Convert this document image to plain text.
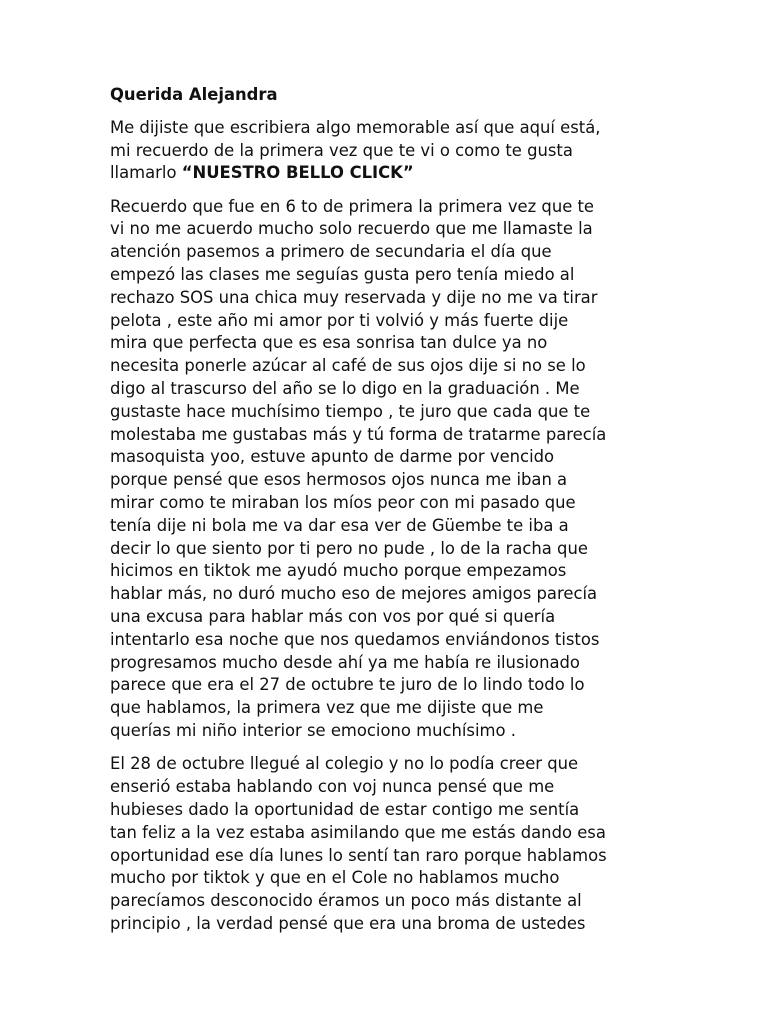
Querida Alejandra
Me dijiste que escribiera algo memorable así que aquí está,
mi recuerdo de la primera vez que te vi o como te gusta
llamarlo “NUESTRO BELLO CLICK”
Recuerdo que fue en 6 to de primera la primera vez que te
vi no me acuerdo mucho solo recuerdo que me llamaste la
atención pasemos a primero de secundaria el día que
empezó las clases me seguías gusta pero tenía miedo al
rechazo SOS una chica muy reservada y dije no me va tirar
pelota , este año mi amor por ti volvió y más fuerte dije
mira que perfecta que es esa sonrisa tan dulce ya no
necesita ponerle azúcar al café de sus ojos dije si no se lo
digo al trascurso del año se lo digo en la graduación . Me
gustaste hace muchísimo tiempo , te juro que cada que te
molestaba me gustabas más y tú forma de tratarme parecía
masoquista yoo, estuve apunto de darme por vencido
porque pensé que esos hermosos ojos nunca me iban a
mirar como te miraban los míos peor con mi pasado que
tenía dije ni bola me va dar esa ver de Güembe te iba a
decir lo que siento por ti pero no pude , lo de la racha que
hicimos en tiktok me ayudó mucho porque empezamos
hablar más, no duró mucho eso de mejores amigos parecía
una excusa para hablar más con vos por qué si quería
intentarlo esa noche que nos quedamos enviándonos tistos
progresamos mucho desde ahí ya me había re ilusionado
parece que era el 27 de octubre te juro de lo lindo todo lo
que hablamos, la primera vez que me dijiste que me
querías mi niño interior se emociono muchísimo .
El 28 de octubre llegué al colegio y no lo podía creer que
enserió estaba hablando con voj nunca pensé que me
hubieses dado la oportunidad de estar contigo me sentía
tan feliz a la vez estaba asimilando que me estás dando esa
oportunidad ese día lunes lo sentí tan raro porque hablamos
mucho por tiktok y que en el Cole no hablamos mucho
parecíamos desconocido éramos un poco más distante al
principio , la verdad pensé que era una broma de ustedes
